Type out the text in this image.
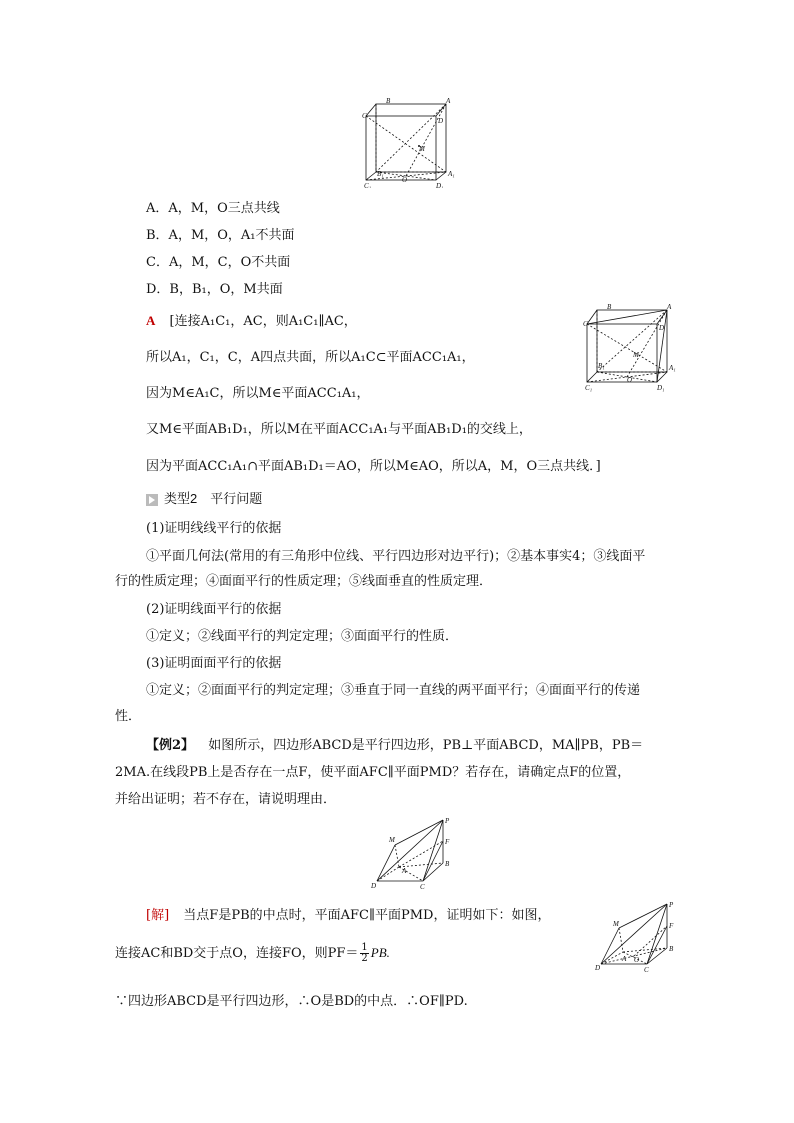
B	A
C
D
M
B₁	A₁
O
C₁	D₁
A．A，M，O三点共线
B．A，M，O，A₁不共面
C．A，M，C，O不共面
D．B，B₁，O，M共面
A [连接A₁C₁，AC，则A₁C₁∥AC，
所以A₁，C₁，C，A四点共面，所以A₁C⊂平面ACC₁A₁，
因为M∈A₁C，所以M∈平面ACC₁A₁，
又M∈平面AB₁D₁，所以M在平面ACC₁A₁与平面AB₁D₁的交线上，
因为平面ACC₁A₁∩平面AB₁D₁＝AO，所以M∈AO，所以A，M，O三点共线．]
B	A
C	D
M
B₁	A₁
O
C₁	D₁
类型2　平行问题
(1)证明线线平行的依据
①平面几何法(常用的有三角形中位线、平行四边形对边平行)；②基本事实4；③线面平
行的性质定理；④面面平行的性质定理；⑤线面垂直的性质定理．
(2)证明线面平行的依据
①定义；②线面平行的判定定理；③面面平行的性质．
(3)证明面面平行的依据
①定义；②面面平行的判定定理；③垂直于同一直线的两平面平行；④面面平行的传递
性．
【例2】 如图所示，四边形ABCD是平行四边形，PB⊥平面ABCD，MA∥PB，PB＝
2MA.在线段PB上是否存在一点F，使平面AFC∥平面PMD？若存在，请确定点F的位置，
并给出证明；若不存在，请说明理由．
P
M	F
A
B
D	C
[解] 当点F是PB的中点时，平面AFC∥平面PMD，证明如下：如图，
连接AC和BD交于点O，连接FO，则$PF= \frac{1}{2}$ PB.
∵四边形ABCD是平行四边形，∴O是BD的中点．∴OF∥PD.
P
M	F
O
A
B
D	C
